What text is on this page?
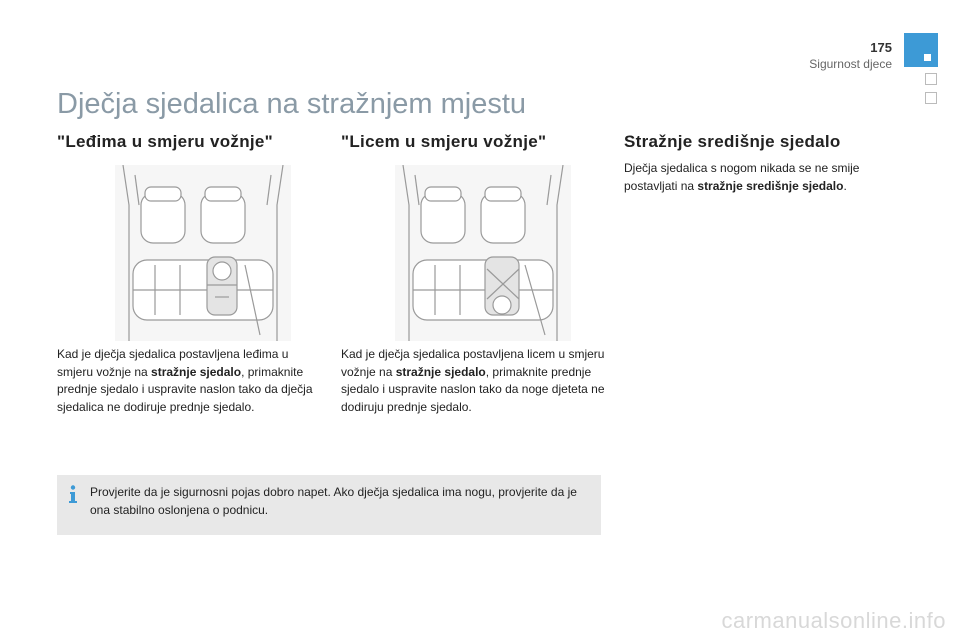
175
Sigurnost djece
Dječja sjedalica na stražnjem mjestu
"Leđima u smjeru vožnje"

Kad je dječja sjedalica postavljena leđima u smjeru vožnje na stražnje sjedalo, primaknite prednje sjedalo i uspravite naslon tako da dječja sjedalica ne dodiruje prednje sjedalo.

"Licem u smjeru vožnje"

Kad je dječja sjedalica postavljena licem u smjeru vožnje na stražnje sjedalo, primaknite prednje sjedalo i uspravite naslon tako da noge djeteta ne dodiruju prednje sjedalo.

Stražnje središnje sjedalo

Dječja sjedalica s nogom nikada se ne smije postavljati na stražnje središnje sjedalo.

Provjerite da je sigurnosni pojas dobro napet. Ako dječja sjedalica ima nogu, provjerite da je ona stabilno oslonjena o podnicu.

carmanualsonline.info
